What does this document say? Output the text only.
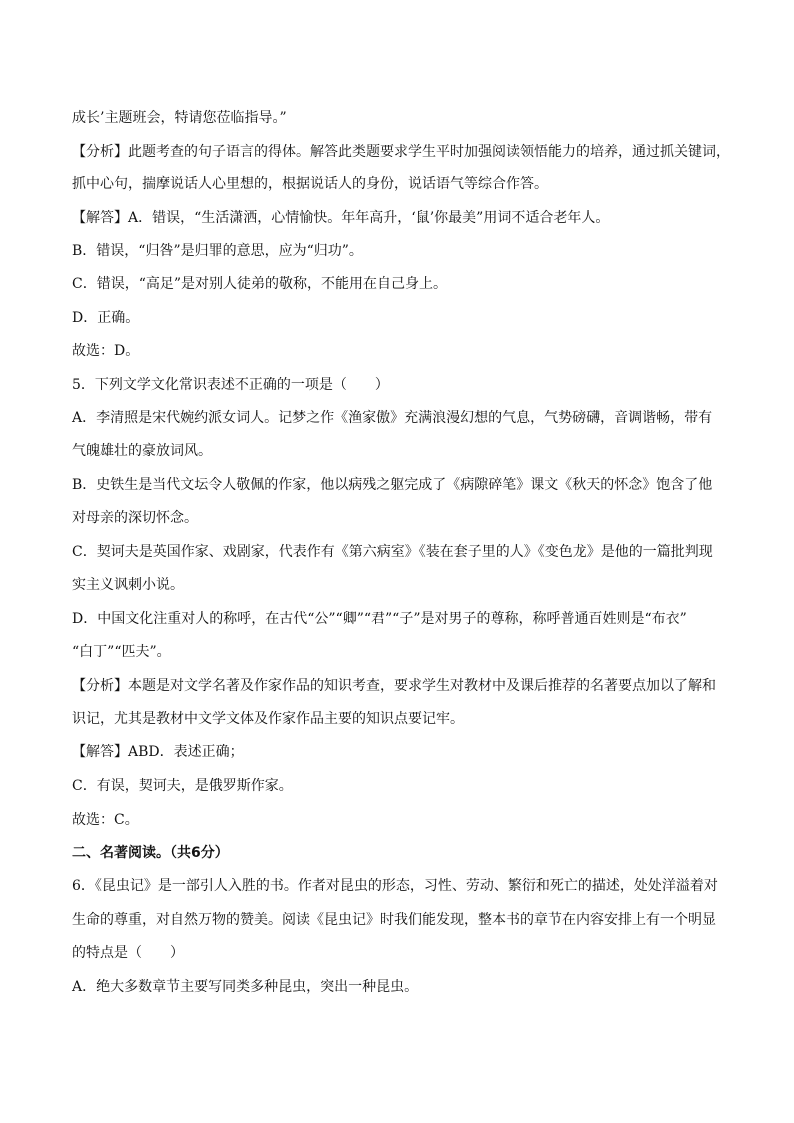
成长’主题班会，特请您莅临指导。”
【分析】此题考查的句子语言的得体。解答此类题要求学生平时加强阅读领悟能力的培养，通过抓关键词，
抓中心句，揣摩说话人心里想的，根据说话人的身份，说话语气等综合作答。
【解答】A．错误，“生活潇洒，心情愉快。年年高升，‘鼠’你最美”用词不适合老年人。
B．错误，“归咎”是归罪的意思，应为“归功”。
C．错误，“高足”是对别人徒弟的敬称，不能用在自己身上。
D．正确。
故选：D。
5．下列文学文化常识表述不正确的一项是（　　）
A．李清照是宋代婉约派女词人。记梦之作《渔家傲》充满浪漫幻想的气息，气势磅礴，音调谐畅，带有
气魄雄壮的豪放词风。
B．史铁生是当代文坛令人敬佩的作家，他以病残之躯完成了《病隙碎笔》课文《秋天的怀念》饱含了他
对母亲的深切怀念。
C．契诃夫是英国作家、戏剧家，代表作有《第六病室》《装在套子里的人》《变色龙》是他的一篇批判现
实主义讽刺小说。
D．中国文化注重对人的称呼，在古代“公”“卿”“君”“子”是对男子的尊称，称呼普通百姓则是“布衣”
“白丁”“匹夫”。
【分析】本题是对文学名著及作家作品的知识考查，要求学生对教材中及课后推荐的名著要点加以了解和
识记，尤其是教材中文学文体及作家作品主要的知识点要记牢。
【解答】ABD．表述正确；
C．有误，契诃夫，是俄罗斯作家。
故选：C。
二、名著阅读。（共6分）
6．《昆虫记》是一部引人入胜的书。作者对昆虫的形态，习性、劳动、繁衍和死亡的描述，处处洋溢着对
生命的尊重，对自然万物的赞美。阅读《昆虫记》时我们能发现，整本书的章节在内容安排上有一个明显
的特点是（　　）
A．绝大多数章节主要写同类多种昆虫，突出一种昆虫。
